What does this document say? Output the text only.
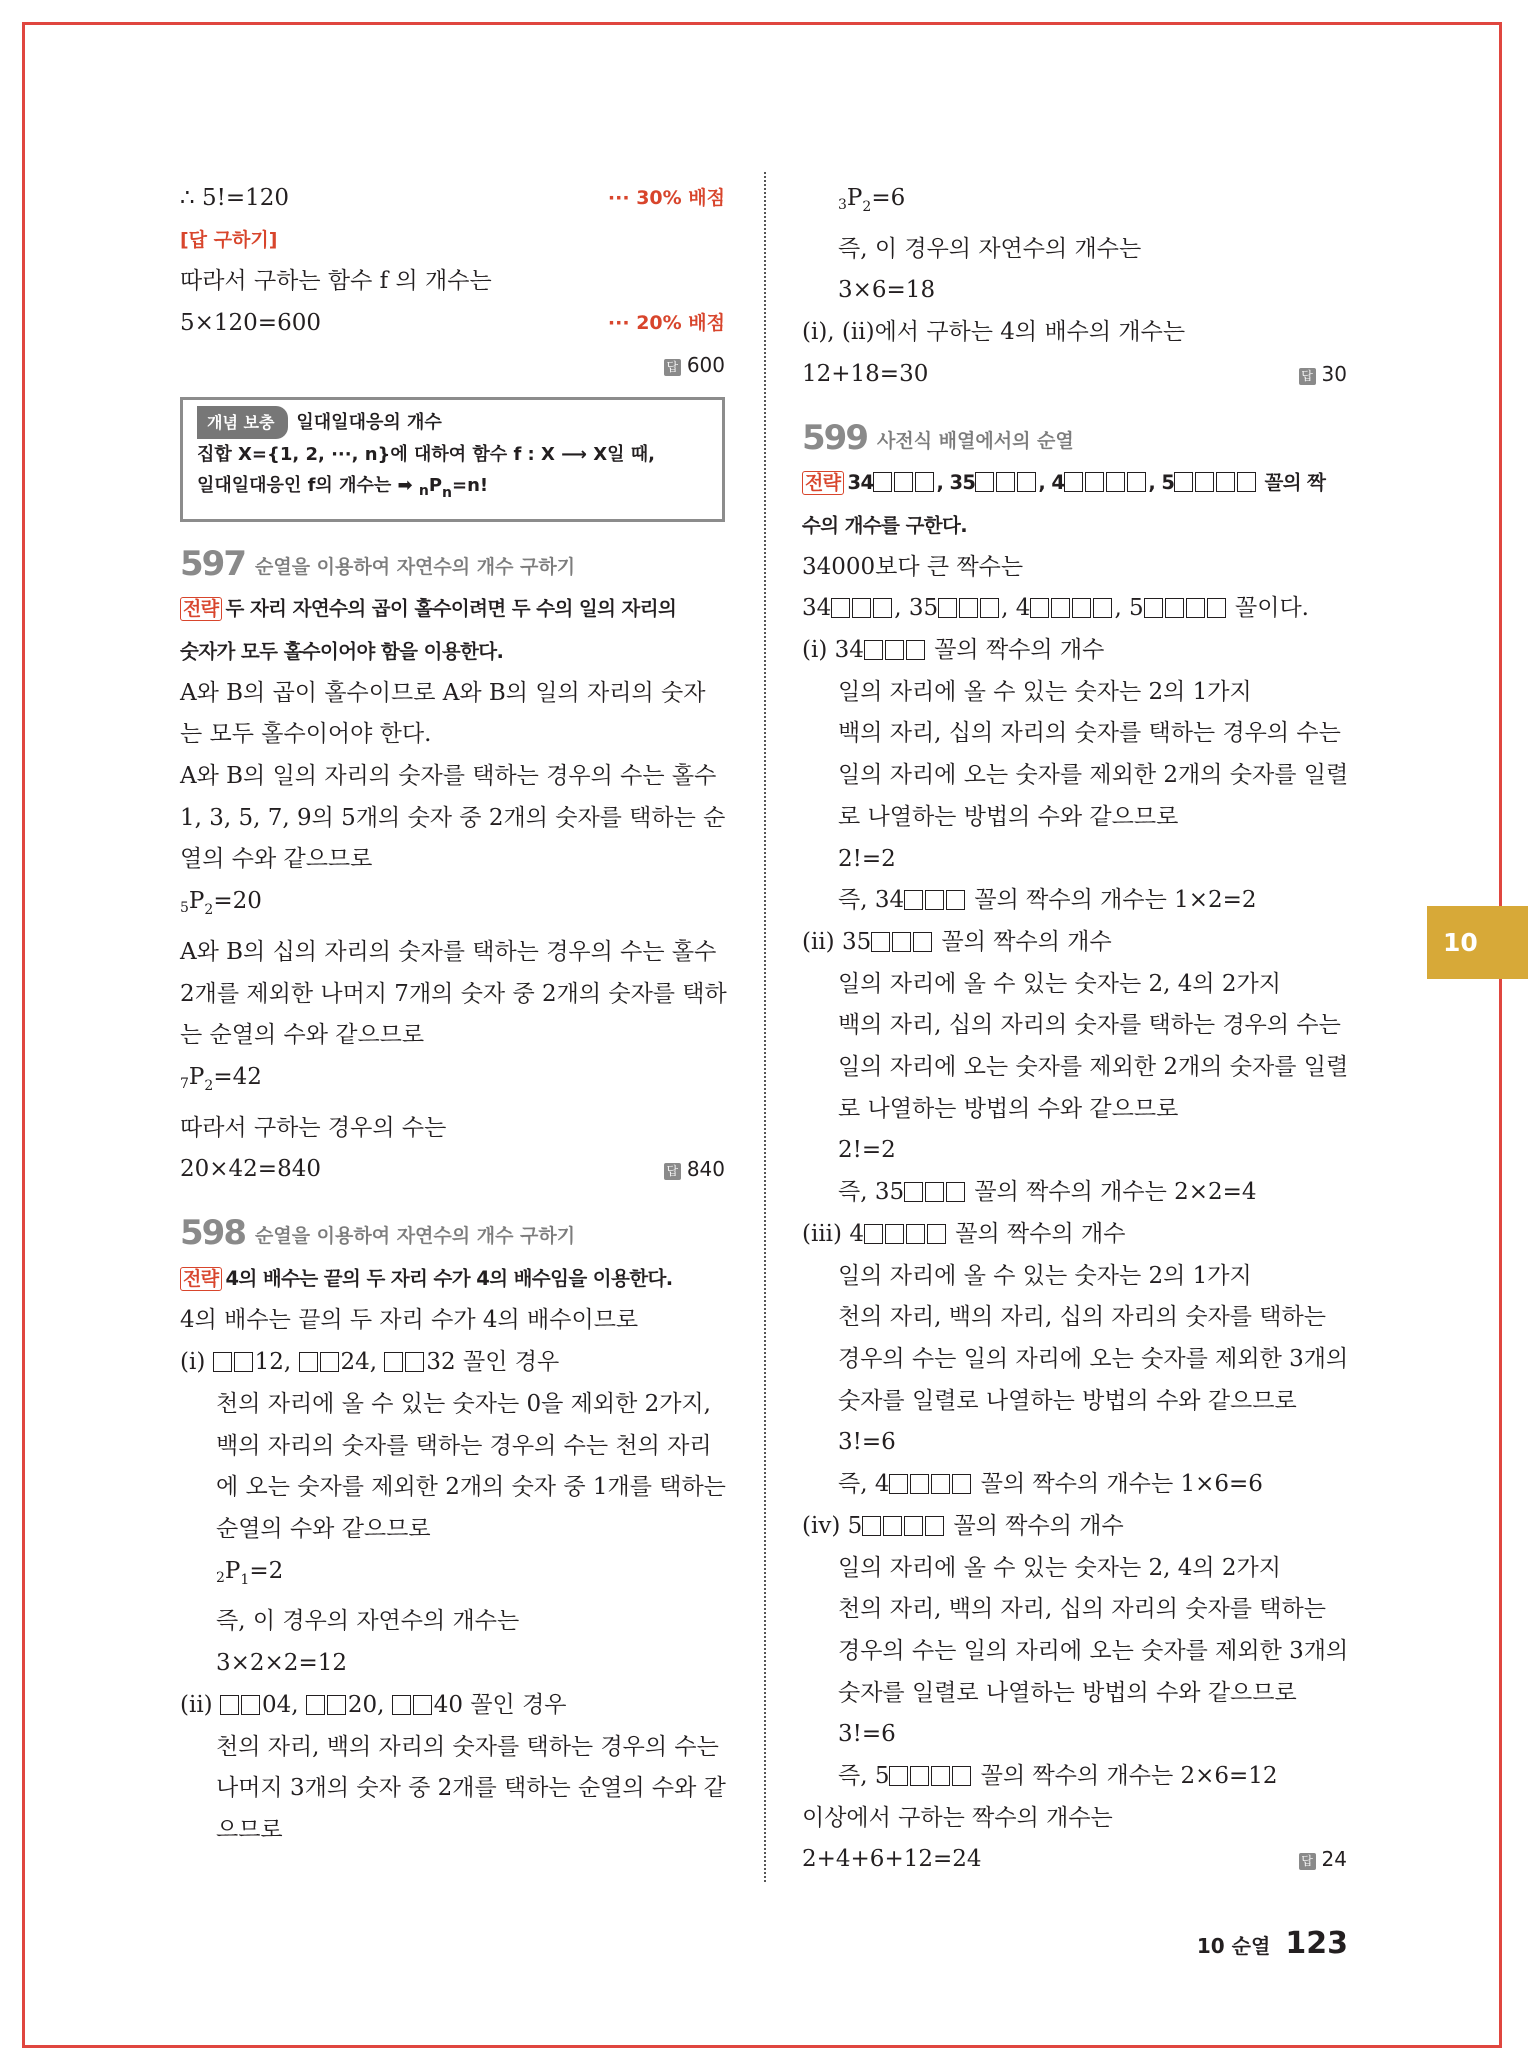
∴ 5!=120	··· 30% 배점
[답 구하기]
따라서 구하는 함수 f 의 개수는
5×120=600	··· 20% 배점
답 600

개념 보충 일대일대응의 개수
집합 X={1, 2, ···, n}에 대하여 함수 f : X ⟶ X일 때,
일대일대응인 f의 개수는 ➡ $_nP_n=n$!
597 순열을 이용하여 자연수의 개수 구하기
전략 두 자리 자연수의 곱이 홀수이려면 두 수의 일의 자리의
숫자가 모두 홀수이어야 함을 이용한다.
A와 B의 곱이 홀수이므로 A와 B의 일의 자리의 숫자
는 모두 홀수이어야 한다.
A와 B의 일의 자리의 숫자를 택하는 경우의 수는 홀수
1, 3, 5, 7, 9의 5개의 숫자 중 2개의 숫자를 택하는 순
열의 수와 같으므로
$_5P_2=20$
A와 B의 십의 자리의 숫자를 택하는 경우의 수는 홀수
2개를 제외한 나머지 7개의 숫자 중 2개의 숫자를 택하
는 순열의 수와 같으므로
$_7P_2=42$
따라서 구하는 경우의 수는
20×42=840	답 840
598 순열을 이용하여 자연수의 개수 구하기
전략 4의 배수는 끝의 두 자리 수가 4의 배수임을 이용한다.
4의 배수는 끝의 두 자리 수가 4의 배수이므로
(i) 12, 24, 32 꼴인 경우
천의 자리에 올 수 있는 숫자는 0을 제외한 2가지,
백의 자리의 숫자를 택하는 경우의 수는 천의 자리
에 오는 숫자를 제외한 2개의 숫자 중 1개를 택하는
순열의 수와 같으므로
$_2P_1=2$
즉, 이 경우의 자연수의 개수는
3×2×2=12
(ii) 04, 20, 40 꼴인 경우
천의 자리, 백의 자리의 숫자를 택하는 경우의 수는
나머지 3개의 숫자 중 2개를 택하는 순열의 수와 같
으므로
$_3P_2=6$
즉, 이 경우의 자연수의 개수는
3×6=18
(i), (ii)에서 구하는 4의 배수의 개수는
12+18=30	답 30
599 사전식 배열에서의 순열
전략 34	, 35	, 4	, 5	꼴의 짝
수의 개수를 구한다.
34000보다 큰 짝수는
34	, 35	, 4	, 5	꼴이다.
(i) 34	꼴의 짝수의 개수
일의 자리에 올 수 있는 숫자는 2의 1가지
백의 자리, 십의 자리의 숫자를 택하는 경우의 수는
일의 자리에 오는 숫자를 제외한 2개의 숫자를 일렬
로 나열하는 방법의 수와 같으므로
2!=2
즉, 34	꼴의 짝수의 개수는 1×2=2
(ii) 35	꼴의 짝수의 개수
일의 자리에 올 수 있는 숫자는 2, 4의 2가지
백의 자리, 십의 자리의 숫자를 택하는 경우의 수는
일의 자리에 오는 숫자를 제외한 2개의 숫자를 일렬
로 나열하는 방법의 수와 같으므로
2!=2
즉, 35	꼴의 짝수의 개수는 2×2=4
(iii) 4	꼴의 짝수의 개수
일의 자리에 올 수 있는 숫자는 2의 1가지
천의 자리, 백의 자리, 십의 자리의 숫자를 택하는
경우의 수는 일의 자리에 오는 숫자를 제외한 3개의
숫자를 일렬로 나열하는 방법의 수와 같으므로
3!=6
즉, 4	꼴의 짝수의 개수는 1×6=6
(iv) 5	꼴의 짝수의 개수
일의 자리에 올 수 있는 숫자는 2, 4의 2가지
천의 자리, 백의 자리, 십의 자리의 숫자를 택하는
경우의 수는 일의 자리에 오는 숫자를 제외한 3개의
숫자를 일렬로 나열하는 방법의 수와 같으므로
3!=6
즉, 5	꼴의 짝수의 개수는 2×6=12
이상에서 구하는 짝수의 개수는
2+4+6+12=24	답 24
10
10 순열 123
